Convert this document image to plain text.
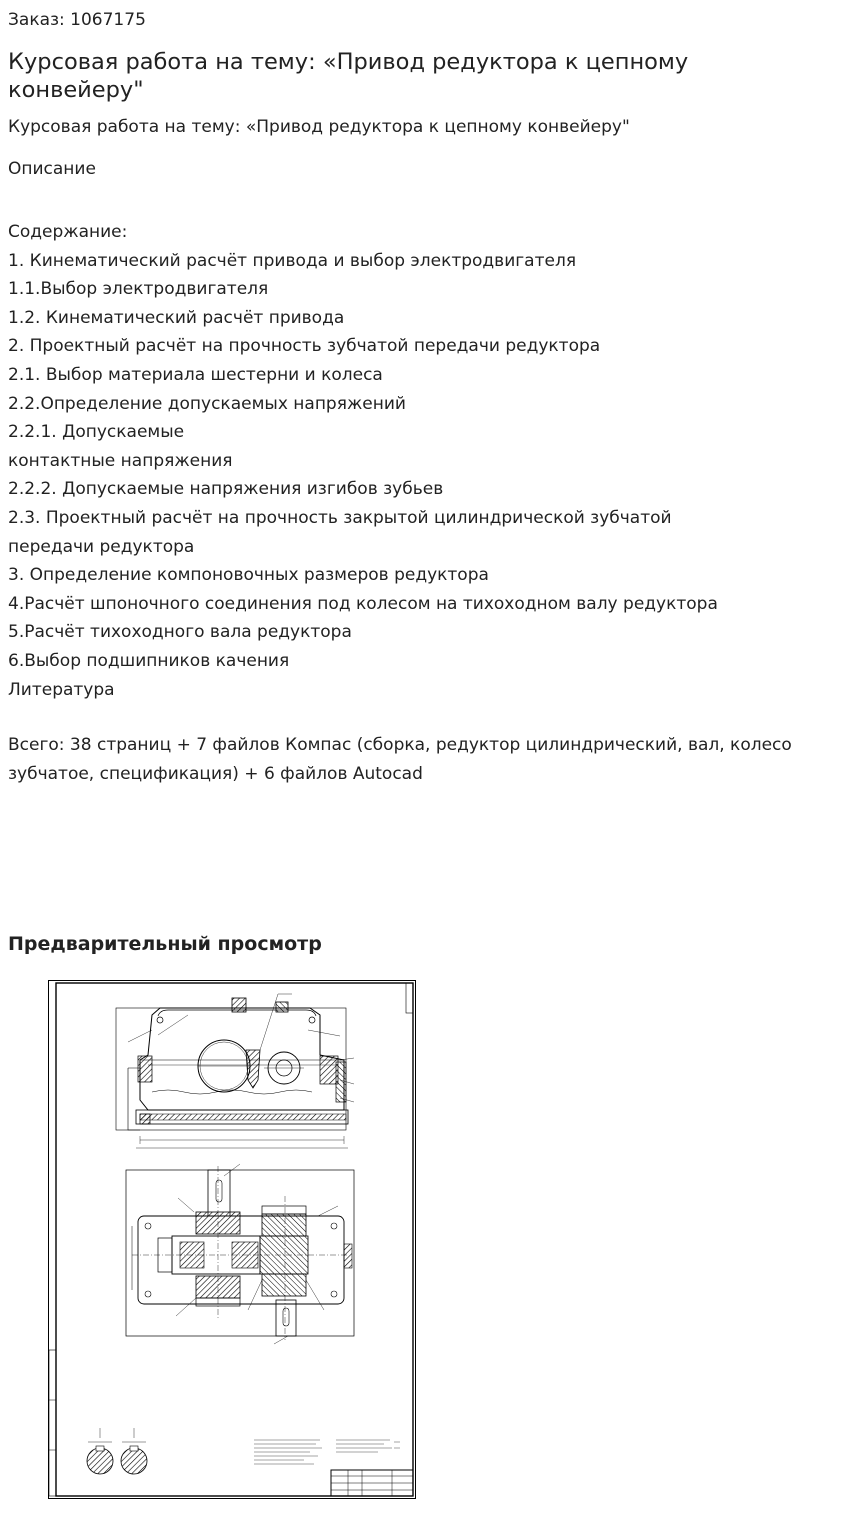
Заказ: 1067175
Курсовая работа на тему: «Привод редуктора к цепному конвейеру"
Курсовая работа на тему: «Привод редуктора к цепному конвейеру"
Описание
Содержание:
1. Кинематический расчёт привода и выбор электродвигателя
1.1.Выбор электродвигателя
1.2. Кинематический расчёт привода
2. Проектный расчёт на прочность зубчатой передачи редуктора
2.1. Выбор материала шестерни и колеса
2.2.Определение допускаемых напряжений
2.2.1. Допускаемые
контактные напряжения
2.2.2. Допускаемые напряжения изгибов зубьев
2.3. Проектный расчёт на прочность закрытой цилиндрической зубчатой
передачи редуктора
3. Определение компоновочных размеров редуктора
4.Расчёт шпоночного соединения под колесом на тихоходном валу редуктора
5.Расчёт тихоходного вала редуктора
6.Выбор подшипников качения
Литература
Всего: 38 страниц + 7 файлов Компас (сборка, редуктор цилиндрический, вал, колесо зубчатое, спецификация) + 6 файлов Autocad
Предварительный просмотр
